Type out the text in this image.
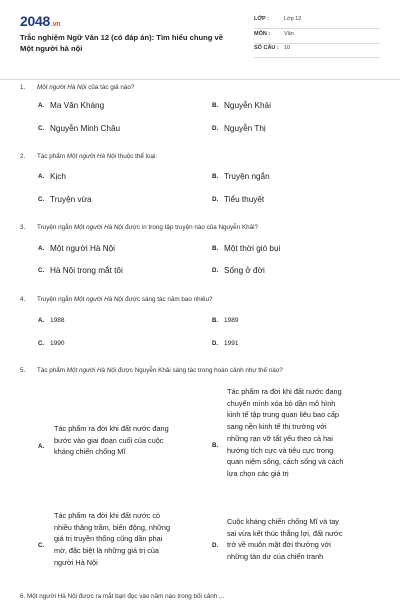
2048.vn
Trắc nghiệm Ngữ Văn 12 (có đáp án): Tìm hiểu chung về Một người hà nội
LỚP :	Lớp 12
MÔN :	Văn
SỐ CÂU : 10
1. Một người Hà Nội của tác giả nào?
A. Ma Văn Kháng	B. Nguyễn Khải
C. Nguyễn Minh Châu	D. Nguyễn Thị
2. Tác phẩm Một người Hà Nội thuộc thể loại:
A. Kịch	B. Truyện ngắn
C. Truyện vừa	D. Tiểu thuyết
3. Truyện ngắn Một người Hà Nội được in trong tập truyện nào của Nguyễn Khải?
A. Một người Hà Nội	B. Một thời gió bụi
C. Hà Nội trong mắt tôi	D. Sống ở đời
4. Truyện ngắn Một người Hà Nội được sáng tác năm bao nhiêu?
A. 1988	B. 1989
C. 1990	D. 1991
5. Tác phẩm Một người Hà Nội được Nguyễn Khải sáng tác trong hoàn cảnh như thế nào?
A.
Tác phẩm ra đời khi đất nước đang
bước vào giai đoạn cuối của cuộc
kháng chiến chống Mĩ
B.
Tác phẩm ra đời khi đất nước đang
chuyển mình xóa bỏ dần mô hình
kinh tế tập trung quan liêu bao cấp
sang nền kinh tế thị trường với
những rạn vỡ tất yếu theo cả hai
hướng tích cực và tiêu cực trong
quan niệm sống, cách sống và cách
lựa chọn các giá trị
C.
Tác phẩm ra đời khi đất nước có
nhiều thăng trầm, biến động, những
giá trị truyền thống cũng dần phai
mờ, đặc biệt là những giá trị của
người Hà Nội
D.
Cuộc kháng chiến chống Mĩ và tay
sai vừa kết thúc thắng lợi, đất nước
trở về muôn mặt đời thường với
những tàn dư của chiến tranh
6. Một người Hà Nội được ra mắt bạn đọc vào năm nào trong bối cảnh ...
